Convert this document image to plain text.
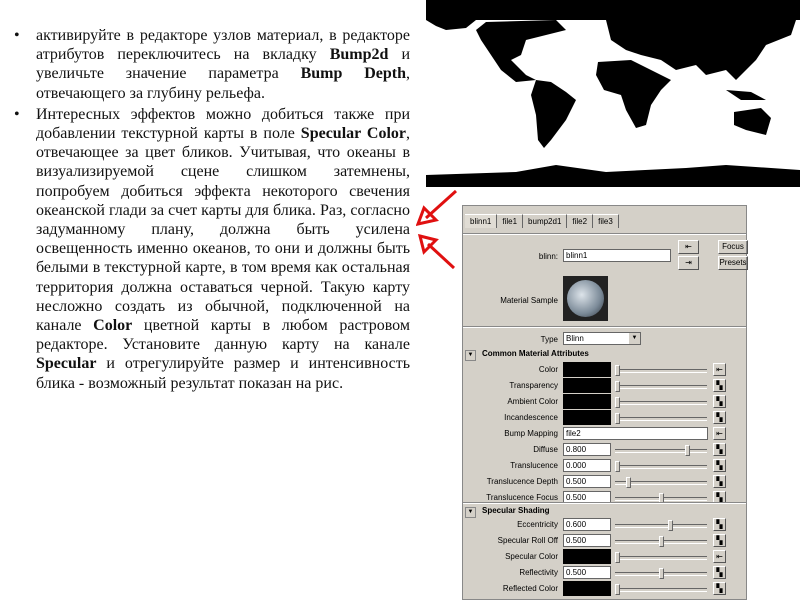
• активируйте в редакторе узлов материал, в редакторе атрибутов переключитесь на вкладку Bump2d и увеличьте значение параметра Bump Depth, отвечающего за глубину рельефа.
• Интересных эффектов можно добиться также при добавлении текстурной карты в поле Specular Color, отвечающее за цвет бликов. Учитывая, что океаны в визуализируемой сцене слишком затемнены, попробуем добиться эффекта некоторого свечения океанской глади за счет карты для блика. Раз, согласно задуманному плану, должна быть усилена освещенность именно океанов, то они и должны быть белыми в текстурной карте, в том время как остальная территория должна оставаться черной. Такую карту несложно создать из обычной, подключенной на канале Color цветной карты в любом растровом редакторе. Установите данную карту на канале Specular и отрегулируйте размер и интенсивность блика - возможный результат показан на рис.
blinn1	file1	bump2d1	file2	file3
blinn:	blinn1
⇤
⇥
Focus
Presets
Material Sample
Type	Blinn	▼
▼ Common Material Attributes
Color	⇤
Transparency	▚
Ambient Color	▚
Incandescence	▚
Bump Mapping	file2	⇤
Diffuse	0.800	▚
Translucence	0.000	▚
Translucence Depth	0.500	▚
Translucence Focus	0.500	▚
▼ Specular Shading
Eccentricity	0.600	▚
Specular Roll Off	0.500	▚
Specular Color	⇤
Reflectivity	0.500	▚
Reflected Color	▚
